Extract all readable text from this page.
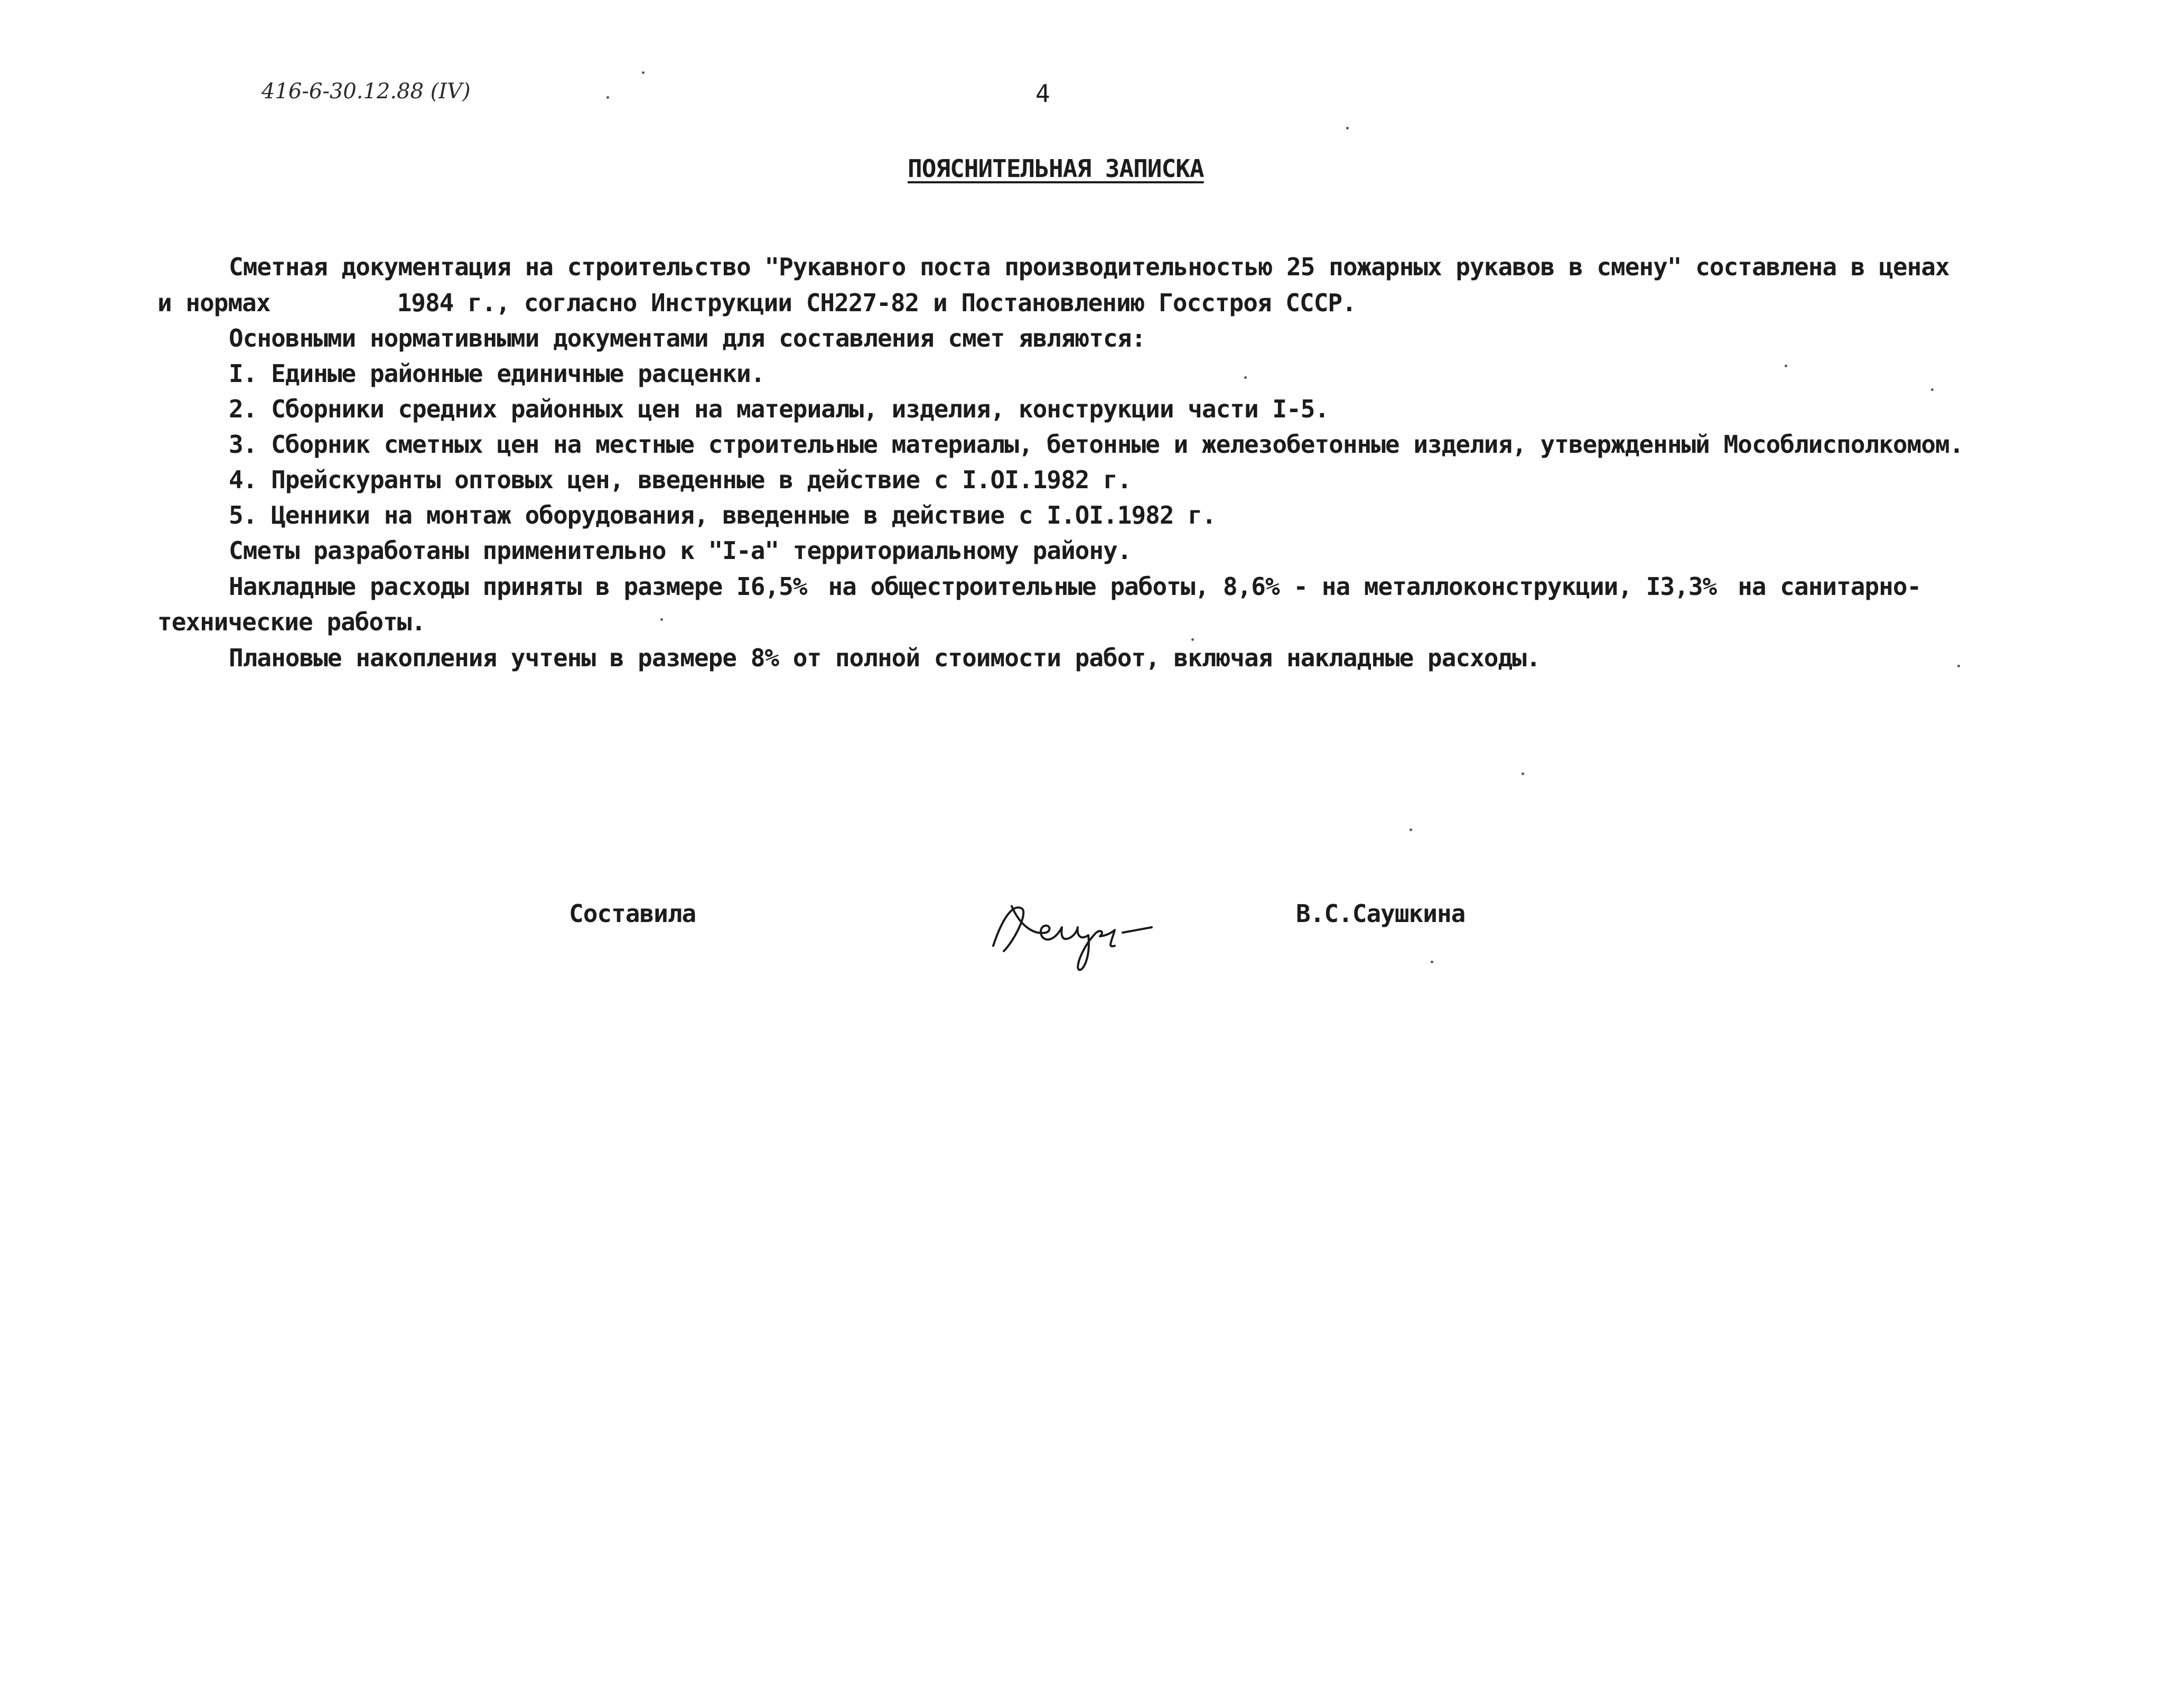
416-6-30.12.88 (IV)	4
ПОЯСНИТЕЛЬНАЯ ЗАПИСКА
Сметная документация на строительство "Рукавного поста производительностью 25 пожарных рукавов в смену" составлена в ценах
и нормах	1984 г., согласно Инструкции СН227-82 и Постановлению Госстроя СССР.
Основными нормативными документами для составления смет являются:
I. Единые районные единичные расценки.
2. Сборники средних районных цен на материалы, изделия, конструкции части I-5.
3. Сборник сметных цен на местные строительные материалы, бетонные и железобетонные изделия, утвержденный Мособлисполкомом.
4. Прейскуранты оптовых цен, введенные в действие с I.OI.1982 г.
5. Ценники на монтаж оборудования, введенные в действие с I.OI.1982 г.
Сметы разработаны применительно к "I-а" территориальному району.
Накладные расходы приняты в размере I6,5% на общестроительные работы, 8,6% - на металлоконструкции, I3,3% на санитарно-
технические работы.
Плановые накопления учтены в размере 8% от полной стоимости работ, включая накладные расходы.
Составила	В.С.Саушкина
